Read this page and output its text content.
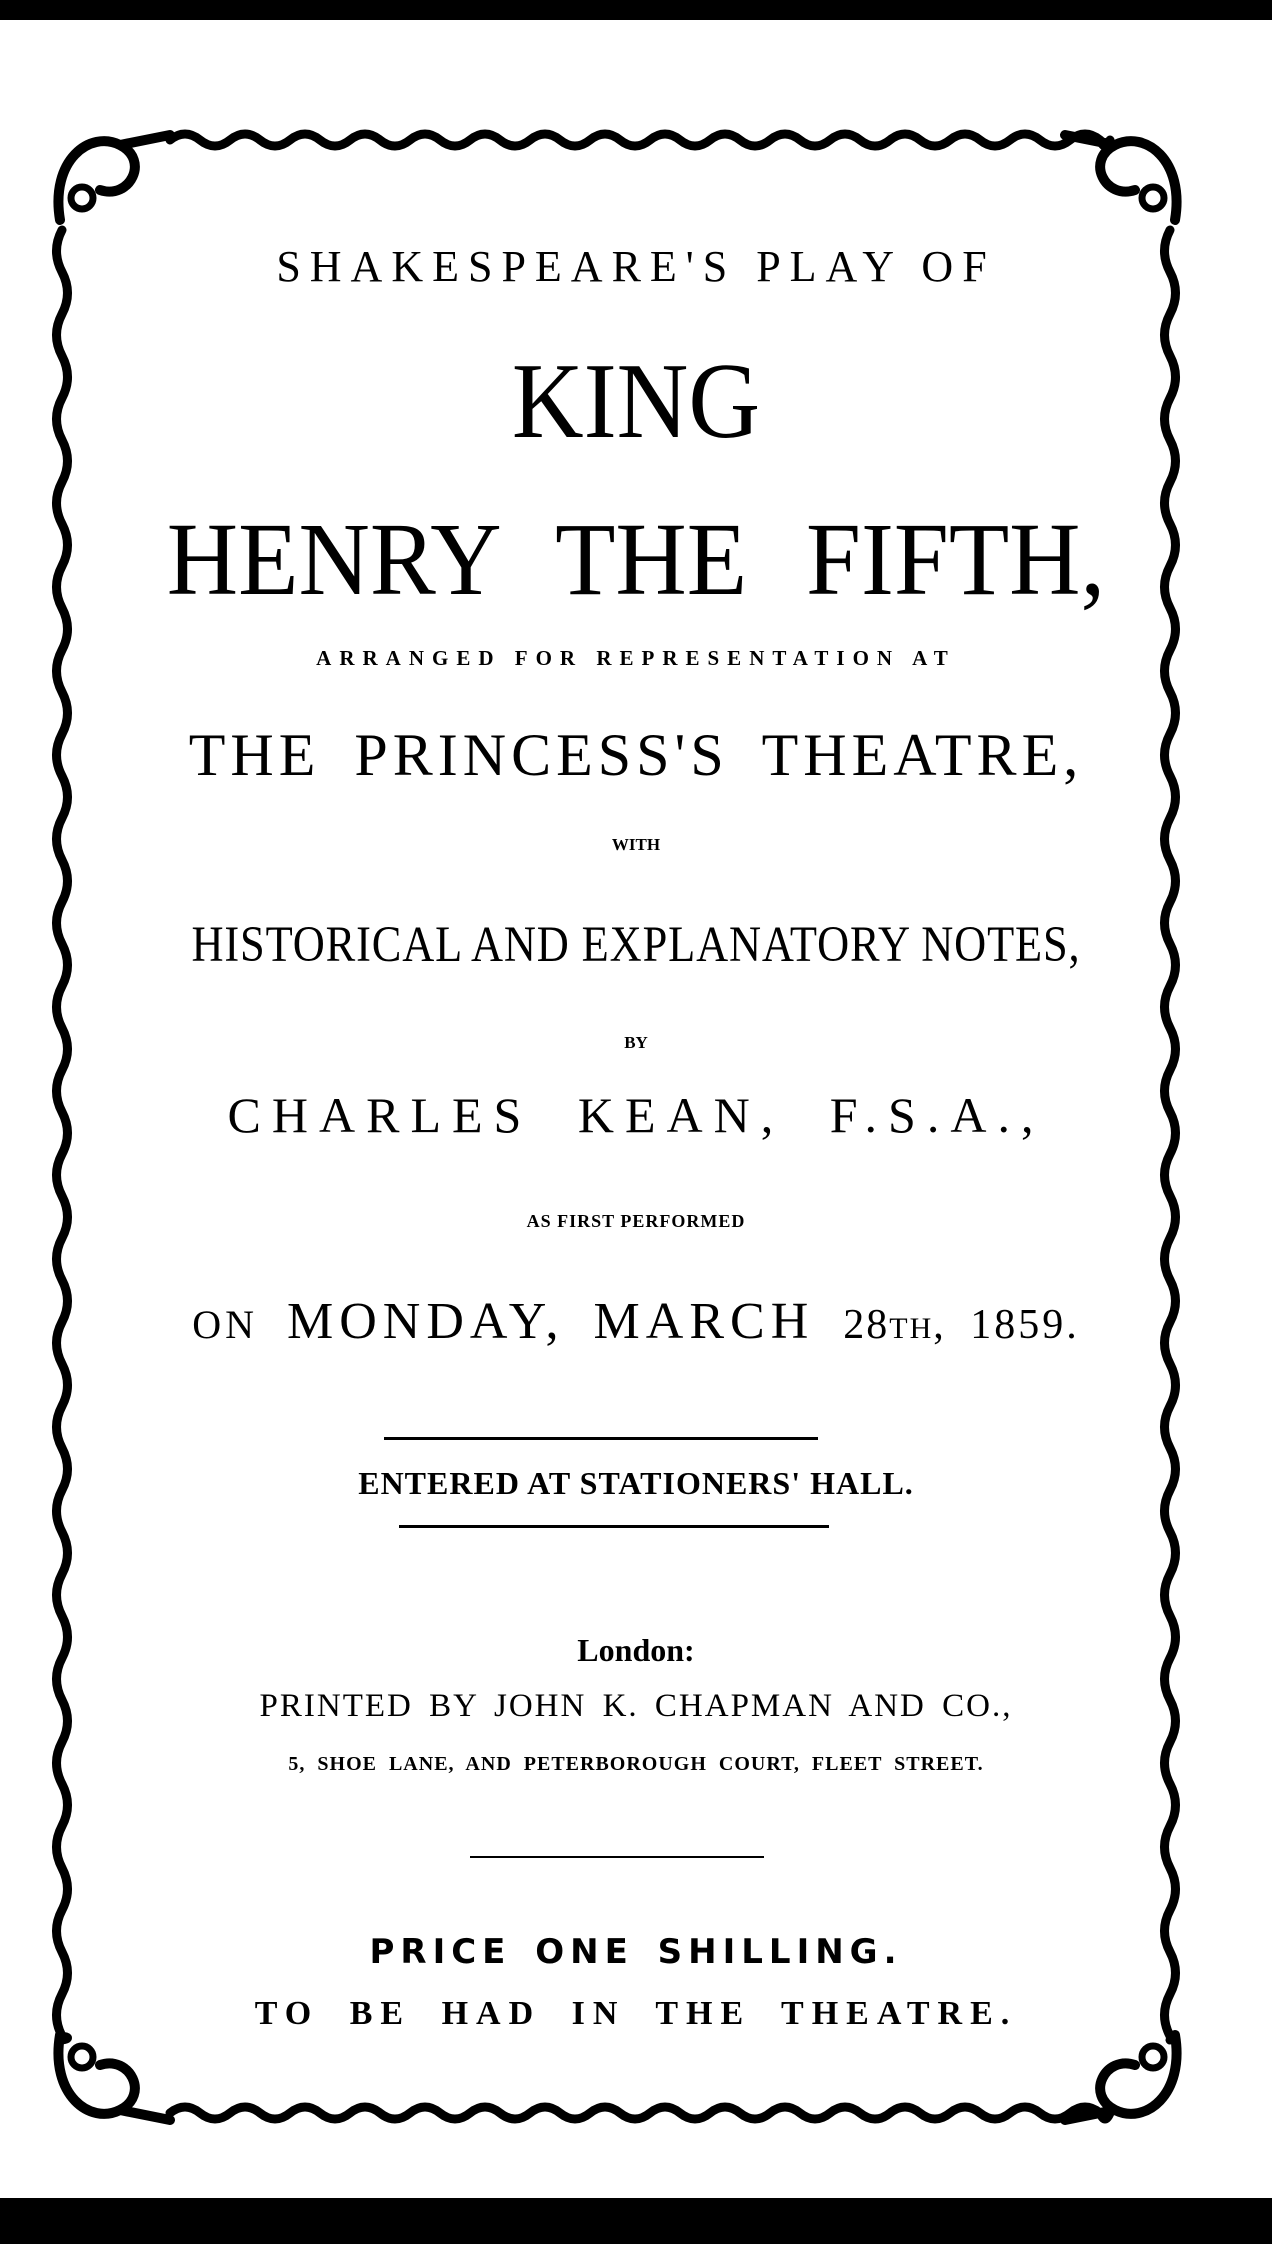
SHAKESPEARE'S PLAY OF
KING
HENRY THE FIFTH,
ARRANGED FOR REPRESENTATION AT
THE PRINCESS'S THEATRE,
WITH
HISTORICAL AND EXPLANATORY NOTES,
BY
CHARLES KEAN, F.S.A.,
AS FIRST PERFORMED
ON MONDAY, MARCH 28TH, 1859.
ENTERED AT STATIONERS' HALL.
London:
PRINTED BY JOHN K. CHAPMAN AND CO.,
5, SHOE LANE, AND PETERBOROUGH COURT, FLEET STREET.
PRICE ONE SHILLING.
TO BE HAD IN THE THEATRE.
